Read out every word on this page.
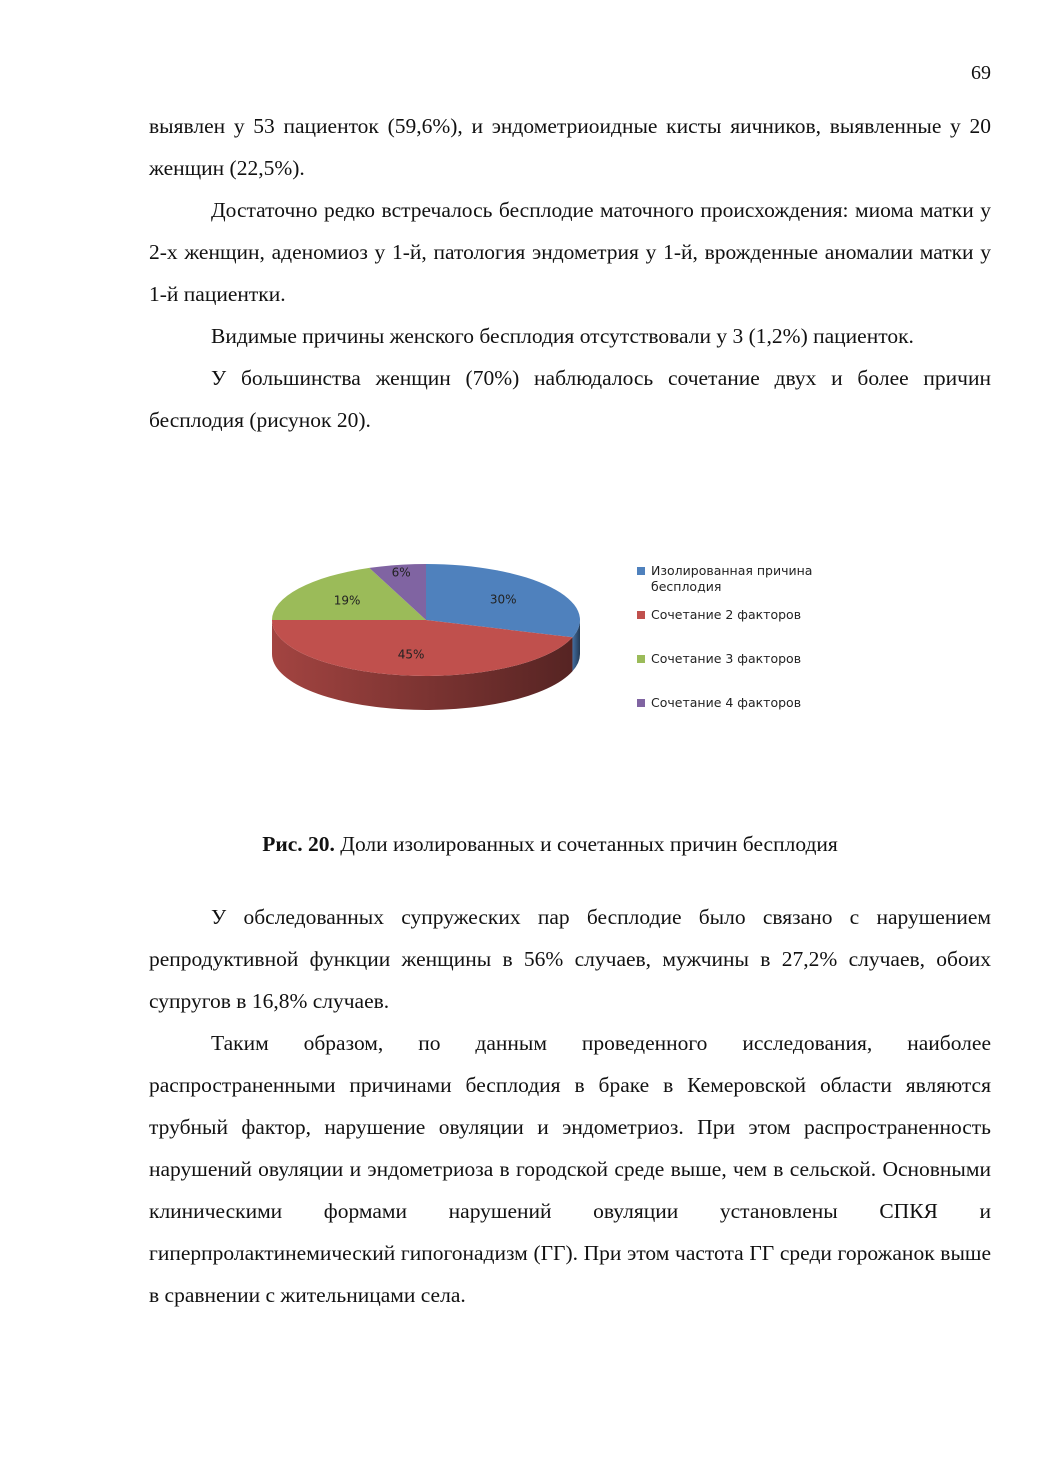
69

выявлен у 53 пациенток (59,6%), и эндометриоидные кисты яичников, выявленные у 20 женщин (22,5%).

Достаточно редко встречалось бесплодие маточного происхождения: миома матки у 2-х женщин, аденомиоз у 1-й, патология эндометрия у 1-й, врожденные аномалии матки у 1-й пациентки.

Видимые причины женского бесплодия отсутствовали у 3 (1,2%) пациенток.

У большинства женщин (70%) наблюдалось сочетание двух и более причин бесплодия (рисунок 20).

30%
45%
19%
6%	Изолированная причина бесплодия
Сочетание 2 факторов
Сочетание 3 факторов
Сочетание 4 факторов
Рис. 20. Доли изолированных и сочетанных причин бесплодия

У обследованных супружеских пар бесплодие было связано с нарушением репродуктивной функции женщины в 56% случаев, мужчины в 27,2% случаев, обоих супругов в 16,8% случаев.

Таким образом, по данным проведенного исследования, наиболее распространенными причинами бесплодия в браке в Кемеровской области являются трубный фактор, нарушение овуляции и эндометриоз. При этом распространенность нарушений овуляции и эндометриоза в городской среде выше, чем в сельской. Основными клиническими формами нарушений овуляции установлены СПКЯ и гиперпролактинемический гипогонадизм (ГГ). При этом частота ГГ среди горожанок выше в сравнении с жительницами села.
